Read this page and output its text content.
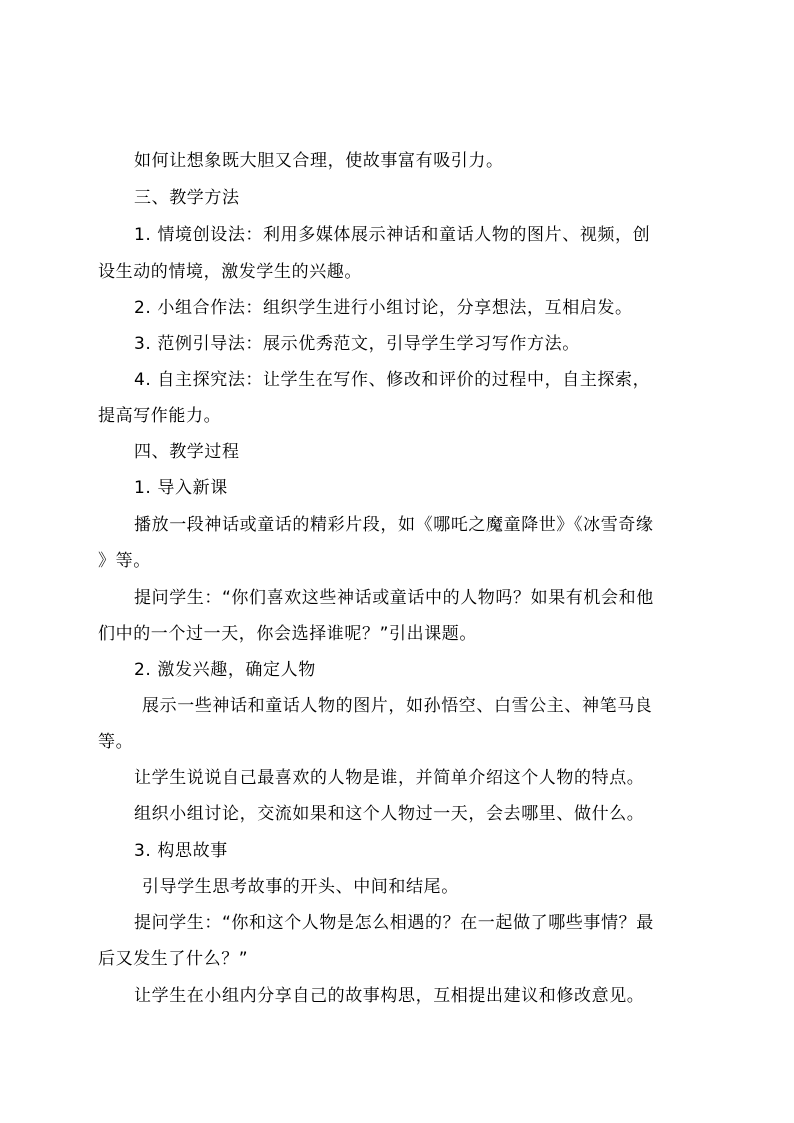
如何让想象既大胆又合理，使故事富有吸引力。
三、教学方法
1. 情境创设法：利用多媒体展示神话和童话人物的图片、视频，创
设生动的情境，激发学生的兴趣。
2. 小组合作法：组织学生进行小组讨论，分享想法，互相启发。
3. 范例引导法：展示优秀范文，引导学生学习写作方法。
4. 自主探究法：让学生在写作、修改和评价的过程中，自主探索，
提高写作能力。
四、教学过程
1. 导入新课
播放一段神话或童话的精彩片段，如《哪吒之魔童降世》《冰雪奇缘
》等。
提问学生：“你们喜欢这些神话或童话中的人物吗？如果有机会和他
们中的一个过一天，你会选择谁呢？”引出课题。
2. 激发兴趣，确定人物
展示一些神话和童话人物的图片，如孙悟空、白雪公主、神笔马良
等。
让学生说说自己最喜欢的人物是谁，并简单介绍这个人物的特点。
组织小组讨论，交流如果和这个人物过一天，会去哪里、做什么。
3. 构思故事
引导学生思考故事的开头、中间和结尾。
提问学生：“你和这个人物是怎么相遇的？在一起做了哪些事情？最
后又发生了什么？”
让学生在小组内分享自己的故事构思，互相提出建议和修改意见。
